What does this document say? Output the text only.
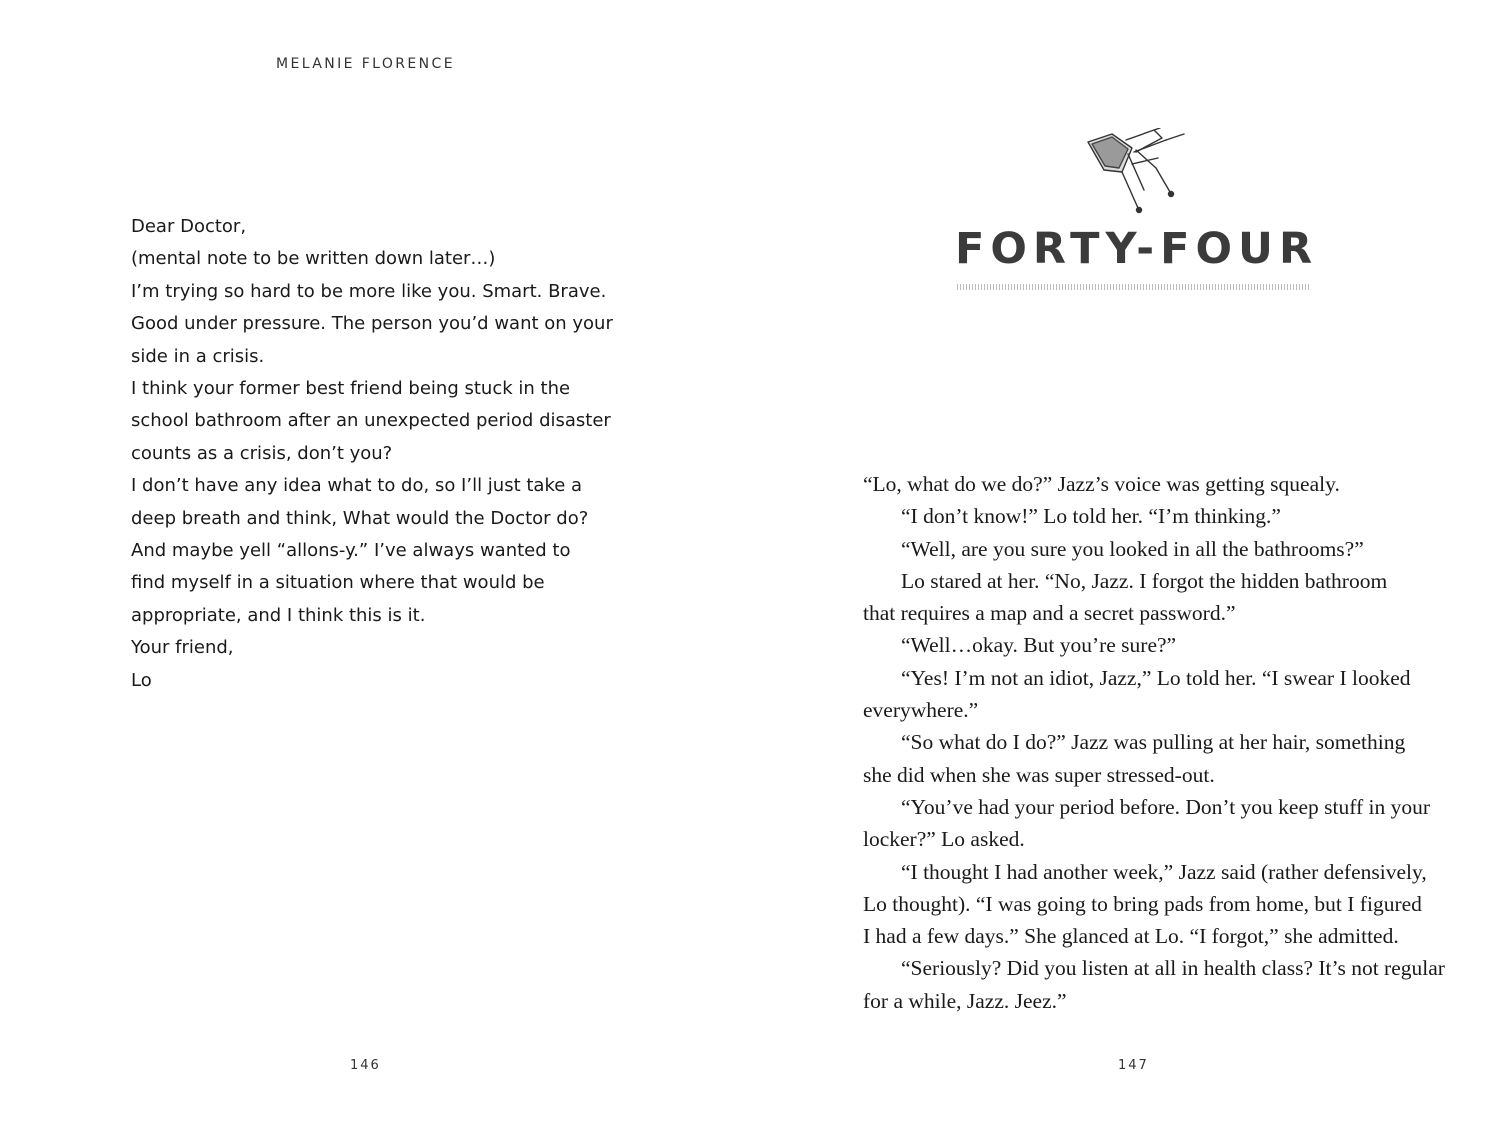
MELANIE FLORENCE
Dear Doctor,
(mental note to be written down later…)
I’m trying so hard to be more like you. Smart. Brave.
Good under pressure. The person you’d want on your
side in a crisis.
I think your former best friend being stuck in the
school bathroom after an unexpected period disaster
counts as a crisis, don’t you?
I don’t have any idea what to do, so I’ll just take a
deep breath and think, What would the Doctor do?
And maybe yell “allons-y.” I’ve always wanted to
find myself in a situation where that would be
appropriate, and I think this is it.
Your friend,
Lo
146
FORTY-FOUR
“Lo, what do we do?” Jazz’s voice was getting squealy.
“I don’t know!” Lo told her. “I’m thinking.”
“Well, are you sure you looked in all the bathrooms?”
Lo stared at her. “No, Jazz. I forgot the hidden bathroom
that requires a map and a secret password.”
“Well…okay. But you’re sure?”
“Yes! I’m not an idiot, Jazz,” Lo told her. “I swear I looked
everywhere.”
“So what do I do?” Jazz was pulling at her hair, something
she did when she was super stressed-out.
“You’ve had your period before. Don’t you keep stuff in your
locker?” Lo asked.
“I thought I had another week,” Jazz said (rather defensively,
Lo thought). “I was going to bring pads from home, but I figured
I had a few days.” She glanced at Lo. “I forgot,” she admitted.
“Seriously? Did you listen at all in health class? It’s not regular
for a while, Jazz. Jeez.”
147
